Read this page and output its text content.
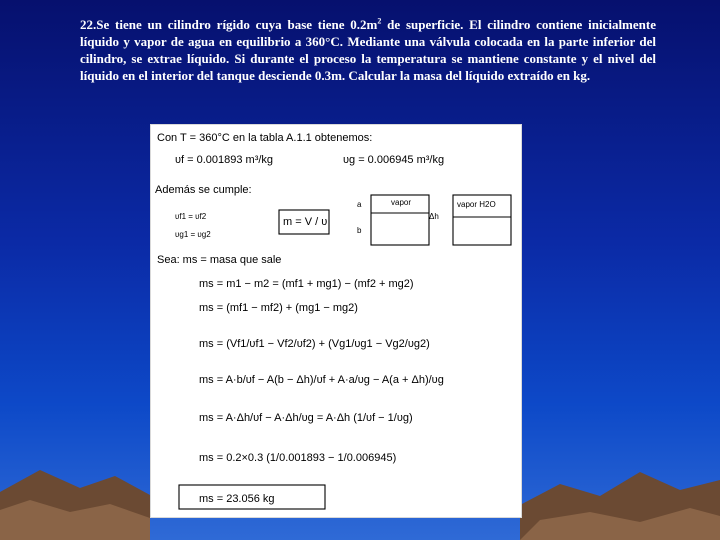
22.Se tiene un cilindro rígido cuya base tiene $0.2m^2$ de superficie. El cilindro contiene inicialmente líquido y vapor de agua en equilibrio a 360°C. Mediante una válvula colocada en la parte inferior del cilindro, se extrae líquido. Si durante el proceso la temperatura se mantiene constante y el nivel del líquido en el interior del tanque desciende 0.3m. Calcular la masa del líquido extraído en kg.

Con T = 360°C en la tabla A.1.1 obtenemos:
υf = 0.001893 m³/kg	υg = 0.006945 m³/kg
Además se cumple:
υf1 = υf2
υg1 = υg2
m = V / υ
a	vapor
b
vapor H2O
Δh
Sea: ms = masa que sale
ms = m1 − m2 = (mf1 + mg1) − (mf2 + mg2)
ms = (mf1 − mf2) + (mg1 − mg2)
ms = (Vf1/υf1 − Vf2/υf2) + (Vg1/υg1 − Vg2/υg2)
ms = A·b/υf − A(b − Δh)/υf + A·a/υg − A(a + Δh)/υg
ms = A·Δh/υf − A·Δh/υg = A·Δh (1/υf − 1/υg)
ms = 0.2×0.3 (1/0.001893 − 1/0.006945)
ms = 23.056 kg
